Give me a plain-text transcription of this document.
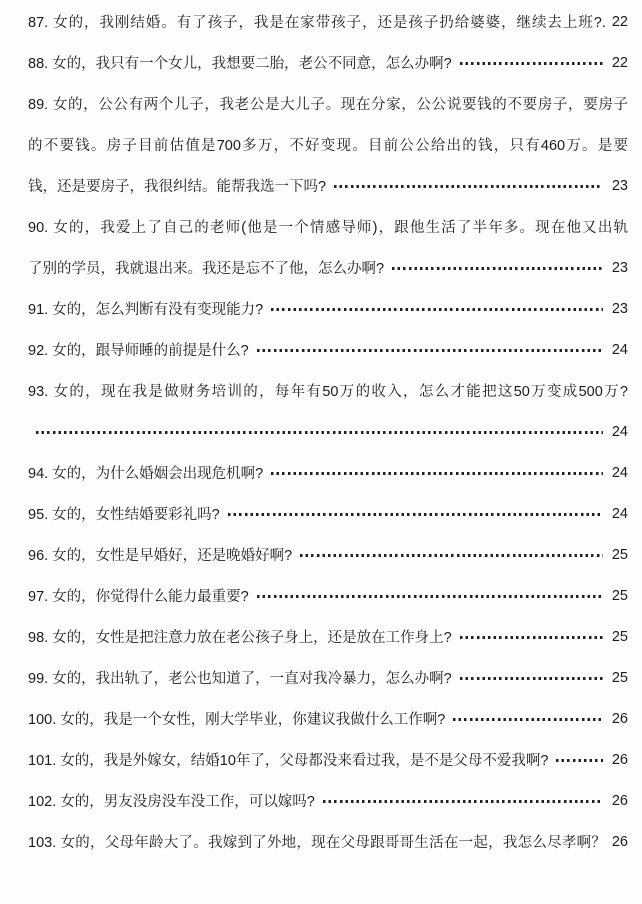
87. 女的，我刚结婚。有了孩子，我是在家带孩子，还是孩子扔给婆婆，继续去上班?. 22
88. 女的，我只有一个女儿，我想要二胎，老公不同意，怎么办啊?	22
89. 女的，公公有两个儿子，我老公是大儿子。现在分家，公公说要钱的不要房子，要房子
的不要钱。房子目前估值是700多万，不好变现。目前公公给出的钱，只有460万。是要
钱，还是要房子，我很纠结。能帮我选一下吗?	23
90. 女的，我爱上了自己的老师(他是一个情感导师)，跟他生活了半年多。现在他又出轨
了别的学员，我就退出来。我还是忘不了他，怎么办啊?	23
91. 女的，怎么判断有没有变现能力?	23
92. 女的，跟导师睡的前提是什么?	24
93. 女的，现在我是做财务培训的，每年有50万的收入，怎么才能把这50万变成500万?
24
94. 女的，为什么婚姻会出现危机啊?	24
95. 女的，女性结婚要彩礼吗?	24
96. 女的，女性是早婚好，还是晚婚好啊?	25
97. 女的，你觉得什么能力最重要?	25
98. 女的，女性是把注意力放在老公孩子身上，还是放在工作身上?	25
99. 女的，我出轨了，老公也知道了，一直对我冷暴力，怎么办啊?	25
100. 女的，我是一个女性，刚大学毕业，你建议我做什么工作啊?	26
101. 女的，我是外嫁女，结婚10年了，父母都没来看过我，是不是父母不爱我啊?	26
102. 女的，男友没房没车没工作，可以嫁吗?	26
103. 女的，父母年龄大了。我嫁到了外地，现在父母跟哥哥生活在一起，我怎么尽孝啊？ 26
